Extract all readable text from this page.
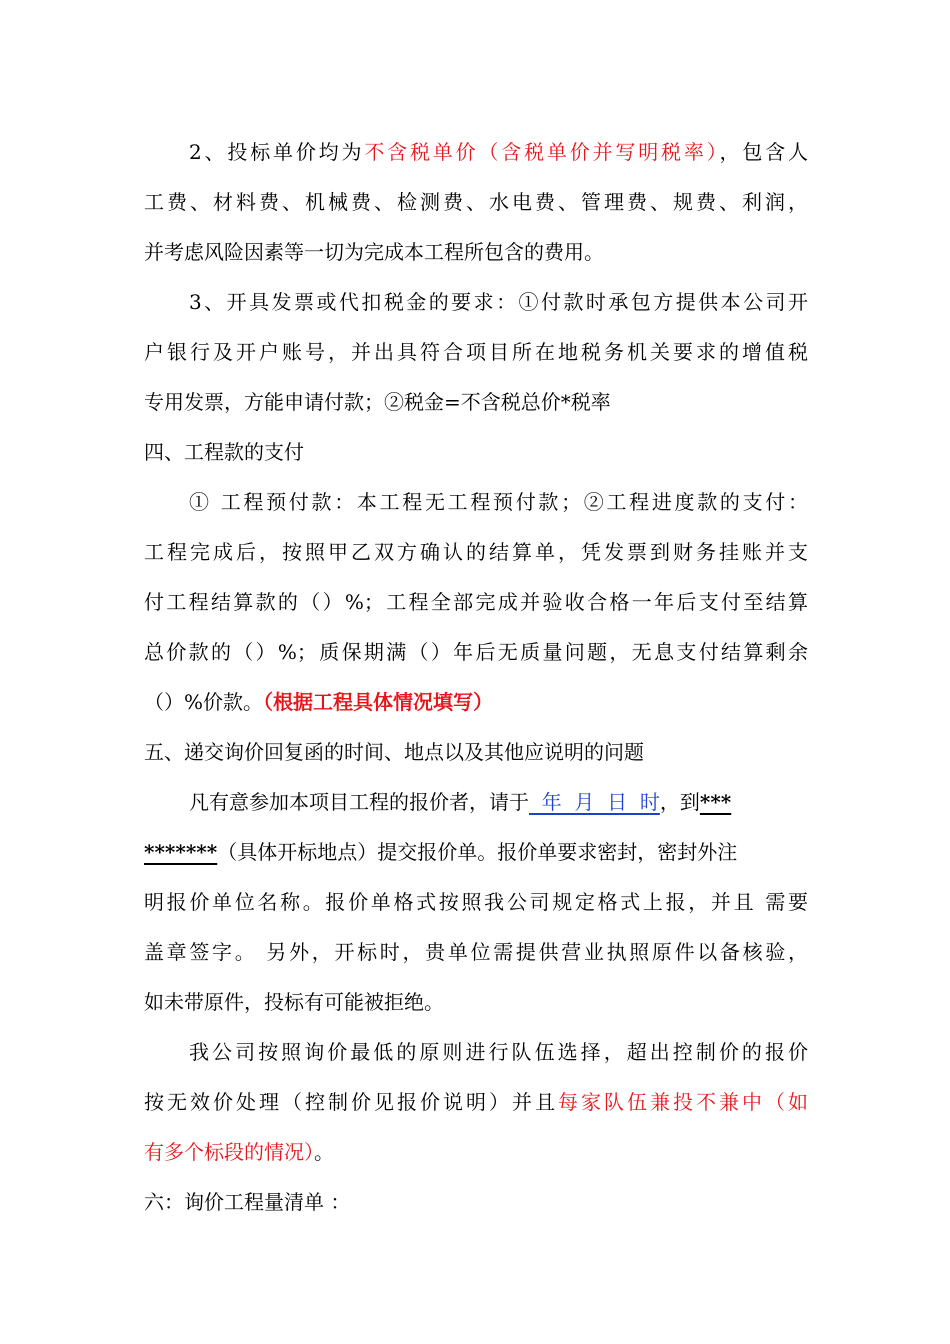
2、投标单价均为不含税单价（含税单价并写明税率），包含人
工费、材料费、机械费、检测费、水电费、管理费、规费、利润，
并考虑风险因素等一切为完成本工程所包含的费用。
3、开具发票或代扣税金的要求：①付款时承包方提供本公司开
户银行及开户账号，并出具符合项目所在地税务机关要求的增值税
专用发票，方能申请付款；②税金=不含税总价*税率
四、工程款的支付
① 工程预付款：本工程无工程预付款；②工程进度款的支付：
工程完成后，按照甲乙双方确认的结算单，凭发票到财务挂账并支
付工程结算款的（）%；工程全部完成并验收合格一年后支付至结算
总价款的（）%；质保期满（）年后无质量问题，无息支付结算剩余
（）%价款。（根据工程具体情况填写）
五、递交询价回复函的时间、地点以及其他应说明的问题
凡有意参加本项目工程的报价者，请于  年  月  日  时，到***
*******（具体开标地点）提交报价单。报价单要求密封，密封外注
明报价单位名称。报价单格式按照我公司规定格式上报，并且 需要
盖章签字。 另外，开标时，贵单位需提供营业执照原件以备核验，
如未带原件，投标有可能被拒绝。
我公司按照询价最低的原则进行队伍选择，超出控制价的报价
按无效价处理（控制价见报价说明）并且每家队伍兼投不兼中（如
有多个标段的情况）。
六：询价工程量清单 ：
